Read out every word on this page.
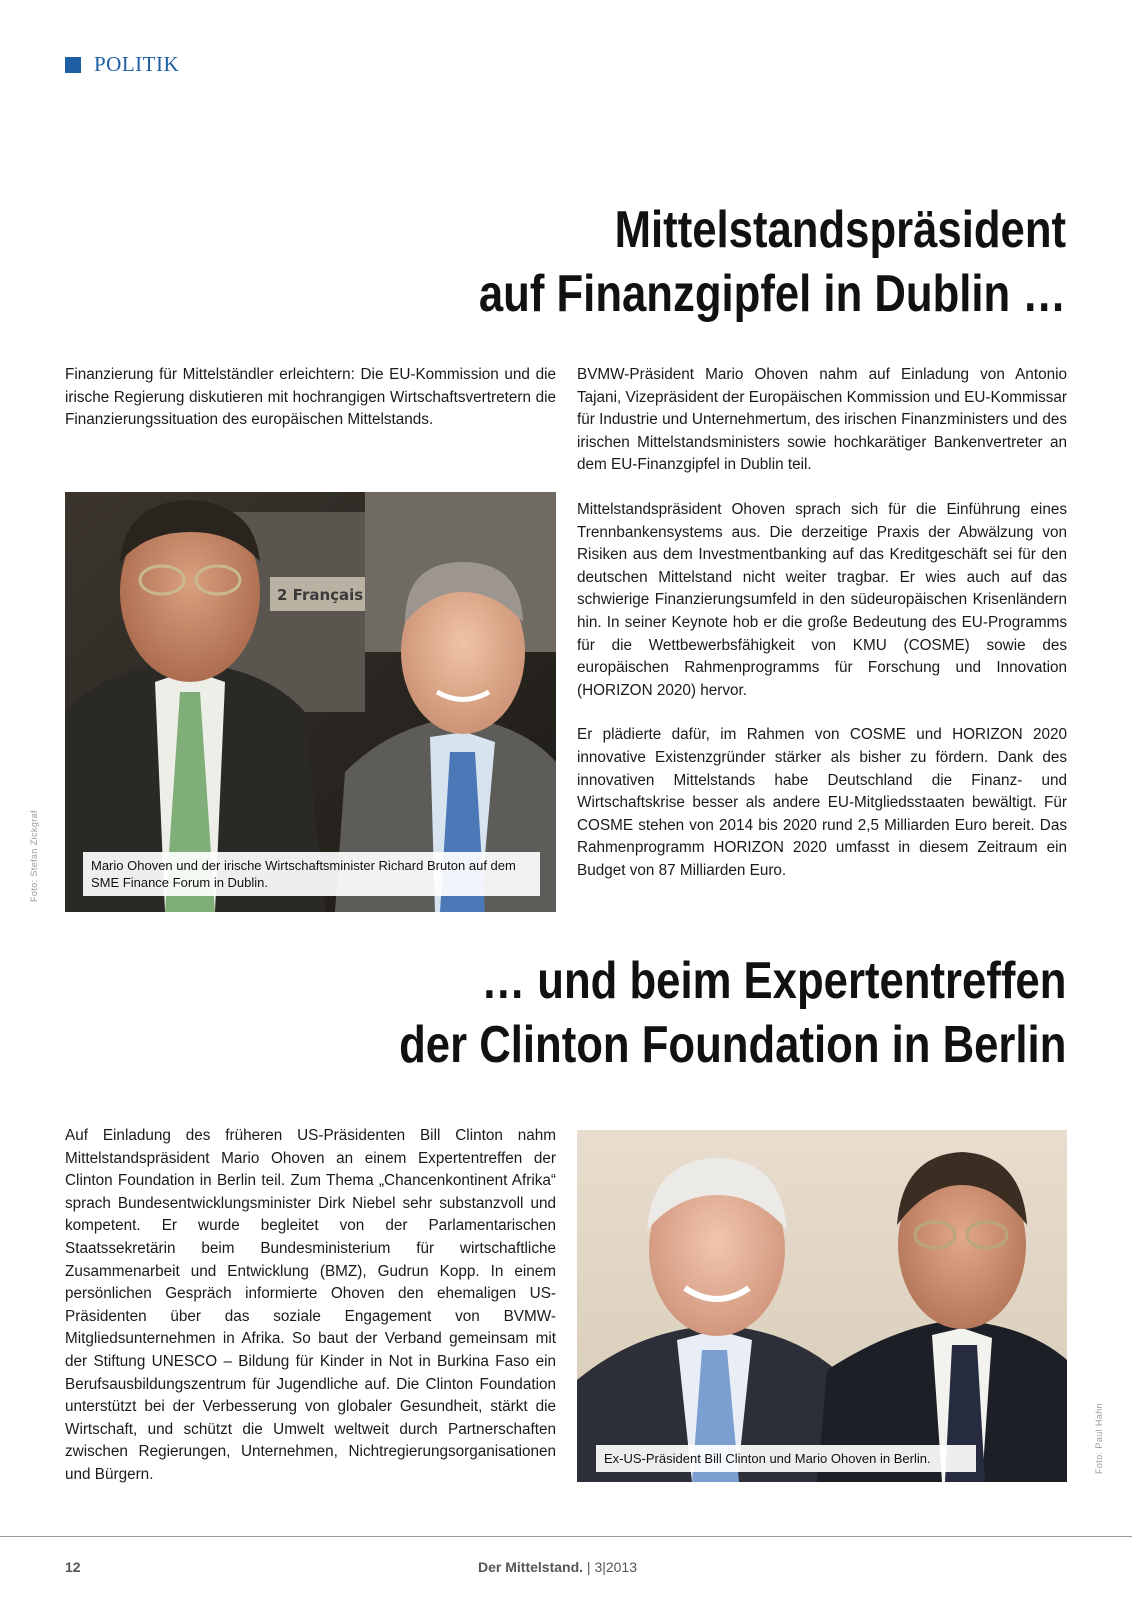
POLITIK
Mittelstandspräsident
auf Finanzgipfel in Dublin …

Finanzierung für Mittelständler erleichtern: Die EU-Kommission und die irische Regierung diskutieren mit hochrangigen Wirtschaftsvertretern die Finanzierungssituation des europäischen Mittelstands.

BVMW-Präsident Mario Ohoven nahm auf Einladung von Antonio Tajani, Vizepräsident der Europäischen Kommission und EU-Kommissar für Industrie und Unternehmertum, des irischen Finanzministers und des irischen Mittelstandsministers sowie hochkarätiger Bankenvertreter an dem EU-Finanzgipfel in Dublin teil.

Mittelstandspräsident Ohoven sprach sich für die Einführung eines Trennbankensystems aus. Die derzeitige Praxis der Abwälzung von Risiken aus dem Investmentbanking auf das Kreditgeschäft sei für den deutschen Mittelstand nicht weiter tragbar. Er wies auch auf das schwierige Finanzierungsumfeld in den südeuropäischen Krisenländern hin. In seiner Keynote hob er die große Bedeutung des EU-Programms für die Wettbewerbsfähigkeit von KMU (COSME) sowie des europäischen Rahmenprogramms für Forschung und Innovation (HORIZON 2020) hervor.

Er plädierte dafür, im Rahmen von COSME und HORIZON 2020 innovative Existenzgründer stärker als bisher zu fördern. Dank des innovativen Mittelstands habe Deutschland die Finanz- und Wirtschaftskrise besser als andere EU-Mitgliedsstaaten bewältigt. Für COSME stehen von 2014 bis 2020 rund 2,5 Milliarden Euro bereit. Das Rahmenprogramm HORIZON 2020 umfasst in diesem Zeitraum ein Budget von 87 Milliarden Euro.

2 Français
Mario Ohoven und der irische Wirtschaftsminister Richard Bruton auf dem SME Finance Forum in Dublin.
Foto: Stefan Zickgraf
… und beim Expertentreffen
der Clinton Foundation in Berlin

Auf Einladung des früheren US-Präsidenten Bill Clinton nahm Mittelstandspräsident Mario Ohoven an einem Expertentreffen der Clinton Foundation in Berlin teil. Zum Thema „Chancenkontinent Afrika“ sprach Bundesentwicklungsminister Dirk Niebel sehr substanzvoll und kompetent. Er wurde begleitet von der Parlamentarischen Staatssekretärin beim Bundesministerium für wirtschaftliche Zusammenarbeit und Entwicklung (BMZ), Gudrun Kopp. In einem persönlichen Gespräch informierte Ohoven den ehemaligen US-Präsidenten über das soziale Engagement von BVMW-Mitgliedsunternehmen in Afrika. So baut der Verband gemeinsam mit der Stiftung UNESCO – Bildung für Kinder in Not in Burkina Faso ein Berufsausbildungszentrum für Jugendliche auf. Die Clinton Foundation unterstützt bei der Verbesserung von globaler Gesundheit, stärkt die Wirtschaft, und schützt die Umwelt weltweit durch Partnerschaften zwischen Regierungen, Unternehmen, Nichtregierungsorganisationen und Bürgern.

Ex-US-Präsident Bill Clinton und Mario Ohoven in Berlin.	Foto: Paul Hahn
12	Der Mittelstand. | 3|2013
